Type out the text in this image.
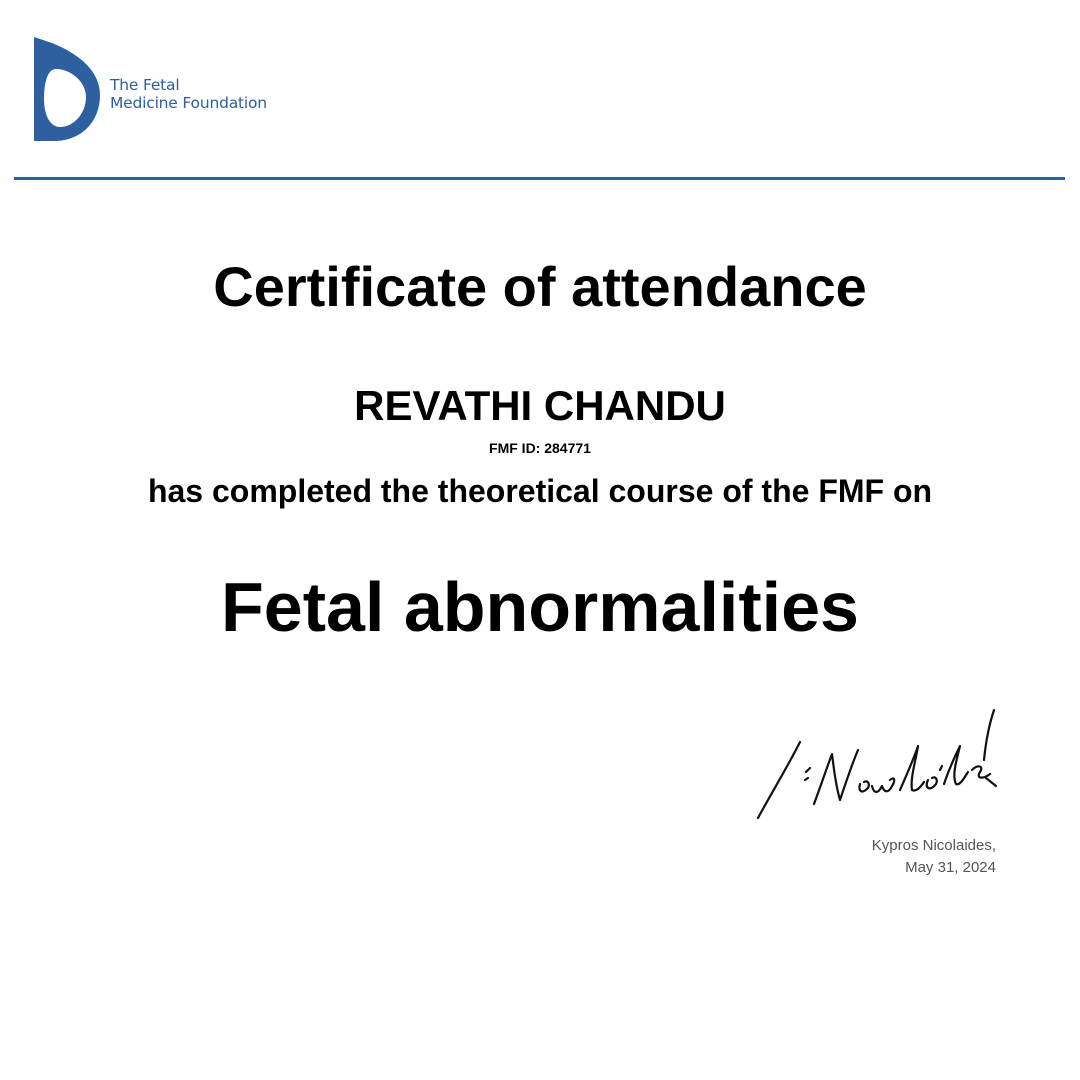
The Fetal
Medicine Foundation
Certificate of attendance
REVATHI CHANDU
FMF ID: 284771
has completed the theoretical course of the FMF on
Fetal abnormalities
Kypros Nicolaides,
May 31, 2024
